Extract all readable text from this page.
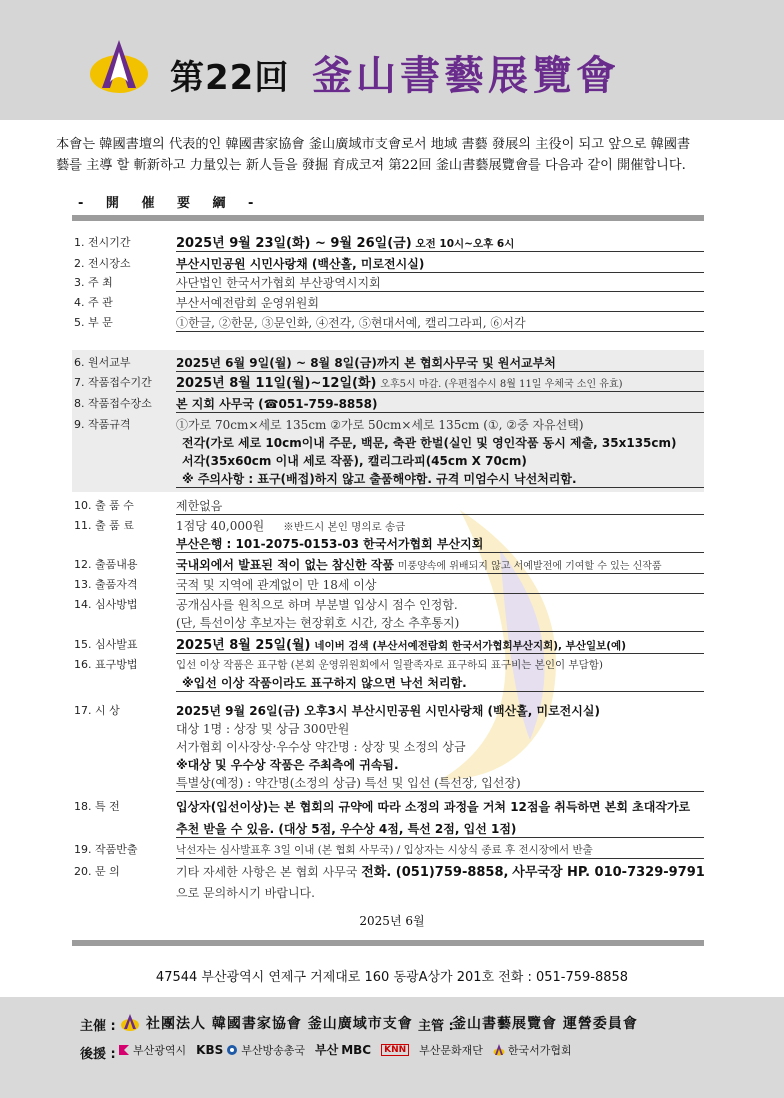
第22回 釜山書藝展覽會
本會는 韓國書壇의 代表的인 韓國書家協會 釜山廣域市支會로서 地域 書藝 發展의 主役이 되고 앞으로 韓國書
藝를 主導 할 斬新하고 力量있는 新人들을 發掘 育成코져 第22回 釜山書藝展覽會를 다음과 같이 開催합니다.
- 開 催 要 綱 -
1. 전시기간	2025년 9월 23일(화) ~ 9월 26일(금) 오전 10시~오후 6시
2. 전시장소	부산시민공원 시민사랑채 (백산홀, 미로전시실)
3. 주 최	사단법인 한국서가협회 부산광역시지회
4. 주 관	부산서예전람회 운영위원회
5. 부 문	①한글, ②한문, ③문인화, ④전각, ⑤현대서예, 캘리그라피, ⑥서각
6. 원서교부	2025년 6월 9일(월) ~ 8월 8일(금)까지 본 협회사무국 및 원서교부처
7. 작품접수기간	2025년 8월 11일(월)~12일(화) 오후5시 마감. (우편접수시 8월 11일 우체국 소인 유효)
8. 작품접수장소	본 지회 사무국 (☎051-759-8858)
9. 작품규격	①가로 70cm×세로 135cm ②가로 50cm×세로 135cm (①, ②중 자유선택)
전각(가로 세로 10cm이내 주문, 백문, 축관 한벌(실인 및 영인작품 동시 제출, 35x135cm)
서각(35x60cm 이내 세로 작품), 캘리그라피(45cm X 70cm)
※ 주의사항 : 표구(배접)하지 않고 출품해야함. 규격 미엄수시 낙선처리함.
10. 출 품 수	제한없음
11. 출 품 료	1점당 40,000원 ※반드시 본인 명의로 송금
부산은행 : 101-2075-0153-03 한국서가협회 부산지회
12. 출품내용	국내외에서 발표된 적이 없는 참신한 작품 미풍양속에 위배되지 않고 서예발전에 기여할 수 있는 신작품
13. 출품자격	국적 및 지역에 관계없이 만 18세 이상
14. 심사방법	공개심사를 원칙으로 하며 부분별 입상시 점수 인정함.
(단, 특선이상 후보자는 현장휘호 시간, 장소 추후통지)
15. 심사발표	2025년 8월 25일(월) 네이버 검색 (부산서예전람회 한국서가협회부산지회), 부산일보(예)
16. 표구방법	입선 이상 작품은 표구함 (본회 운영위원회에서 일괄족자로 표구하되 표구비는 본인이 부담함)
※입선 이상 작품이라도 표구하지 않으면 낙선 처리함.
17. 시 상	2025년 9월 26일(금) 오후3시 부산시민공원 시민사랑채 (백산홀, 미로전시실)
대상 1명 : 상장 및 상금 300만원
서가협회 이사장상·우수상 약간명 : 상장 및 소정의 상금
※대상 및 우수상 작품은 주최측에 귀속됨.
특별상(예정) : 약간명(소정의 상금) 특선 및 입선 (특선장, 입선장)
18. 특 전	입상자(입선이상)는 본 협회의 규약에 따라 소정의 과정을 거쳐 12점을 취득하면 본회 초대작가로
추천 받을 수 있음. (대상 5점, 우수상 4점, 특선 2점, 입선 1점)
19. 작품반출	낙선자는 심사발표후 3일 이내 (본 협회 사무국) / 입상자는 시상식 종료 후 전시장에서 반출
20. 문 의	기타 자세한 사항은 본 협회 사무국 전화. (051)759-8858, 사무국장 HP. 010-7329-9791
으로 문의하시기 바랍니다.
2025년 6월
47544 부산광역시 연제구 거제대로 160 동광A상가 201호 전화 : 051-759-8858
主催 : 社團法人 韓國書家協會 釜山廣域市支會 主管 :
釜山書藝展覽會 運營委員會
後援 : 부산광역시 KBS 부산방송총국 부산 MBC	KNN 부산문화재단 한국서가협회
